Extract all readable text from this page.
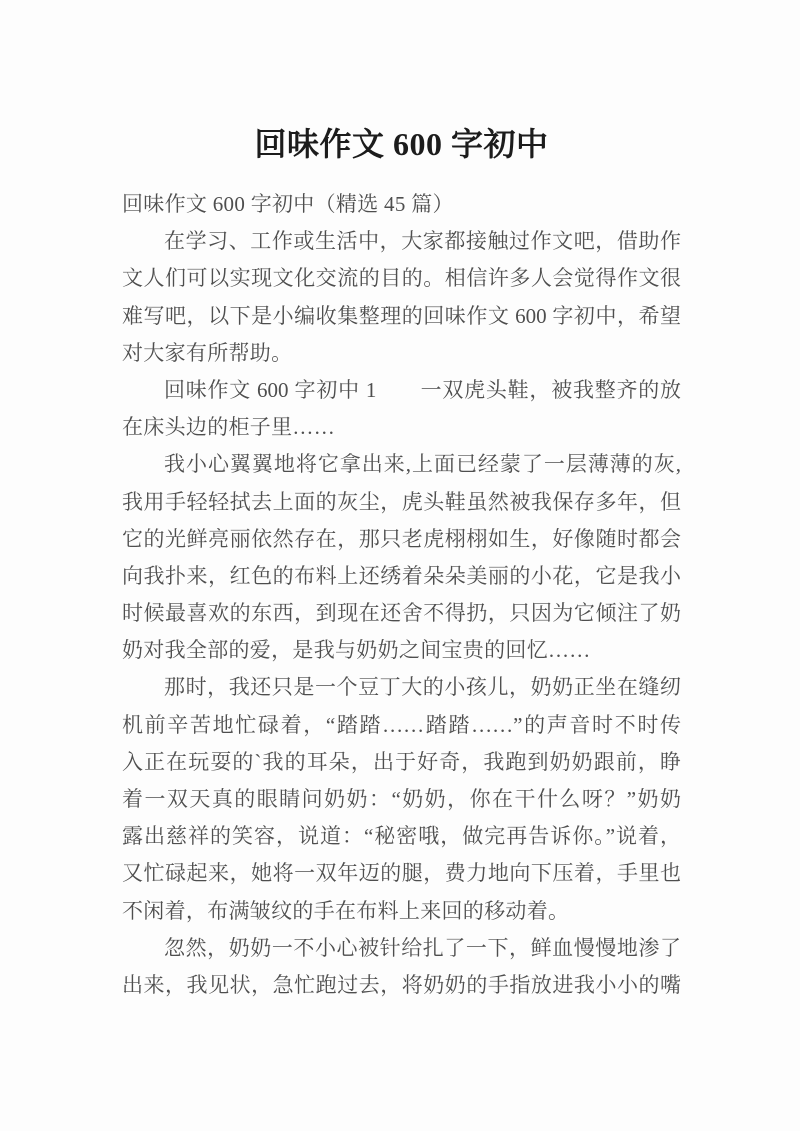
回味作文 600 字初中
回味作文 600 字初中（精选 45 篇）
在学习、工作或生活中，大家都接触过作文吧，借助作
文人们可以实现文化交流的目的。相信许多人会觉得作文很
难写吧，以下是小编收集整理的回味作文 600 字初中，希望
对大家有所帮助。
回味作文 600 字初中 1　　一双虎头鞋，被我整齐的放
在床头边的柜子里……
我小心翼翼地将它拿出来,上面已经蒙了一层薄薄的灰,
我用手轻轻拭去上面的灰尘，虎头鞋虽然被我保存多年，但
它的光鲜亮丽依然存在，那只老虎栩栩如生，好像随时都会
向我扑来，红色的布料上还绣着朵朵美丽的小花，它是我小
时候最喜欢的东西，到现在还舍不得扔，只因为它倾注了奶
奶对我全部的爱，是我与奶奶之间宝贵的回忆……
那时，我还只是一个豆丁大的小孩儿，奶奶正坐在缝纫
机前辛苦地忙碌着，“踏踏……踏踏……”的声音时不时传
入正在玩耍的`我的耳朵，出于好奇，我跑到奶奶跟前，睁
着一双天真的眼睛问奶奶：“奶奶，你在干什么呀？”奶奶
露出慈祥的笑容，说道：“秘密哦，做完再告诉你。”说着，
又忙碌起来，她将一双年迈的腿，费力地向下压着，手里也
不闲着，布满皱纹的手在布料上来回的移动着。
忽然，奶奶一不小心被针给扎了一下，鲜血慢慢地渗了
出来，我见状，急忙跑过去，将奶奶的手指放进我小小的嘴
